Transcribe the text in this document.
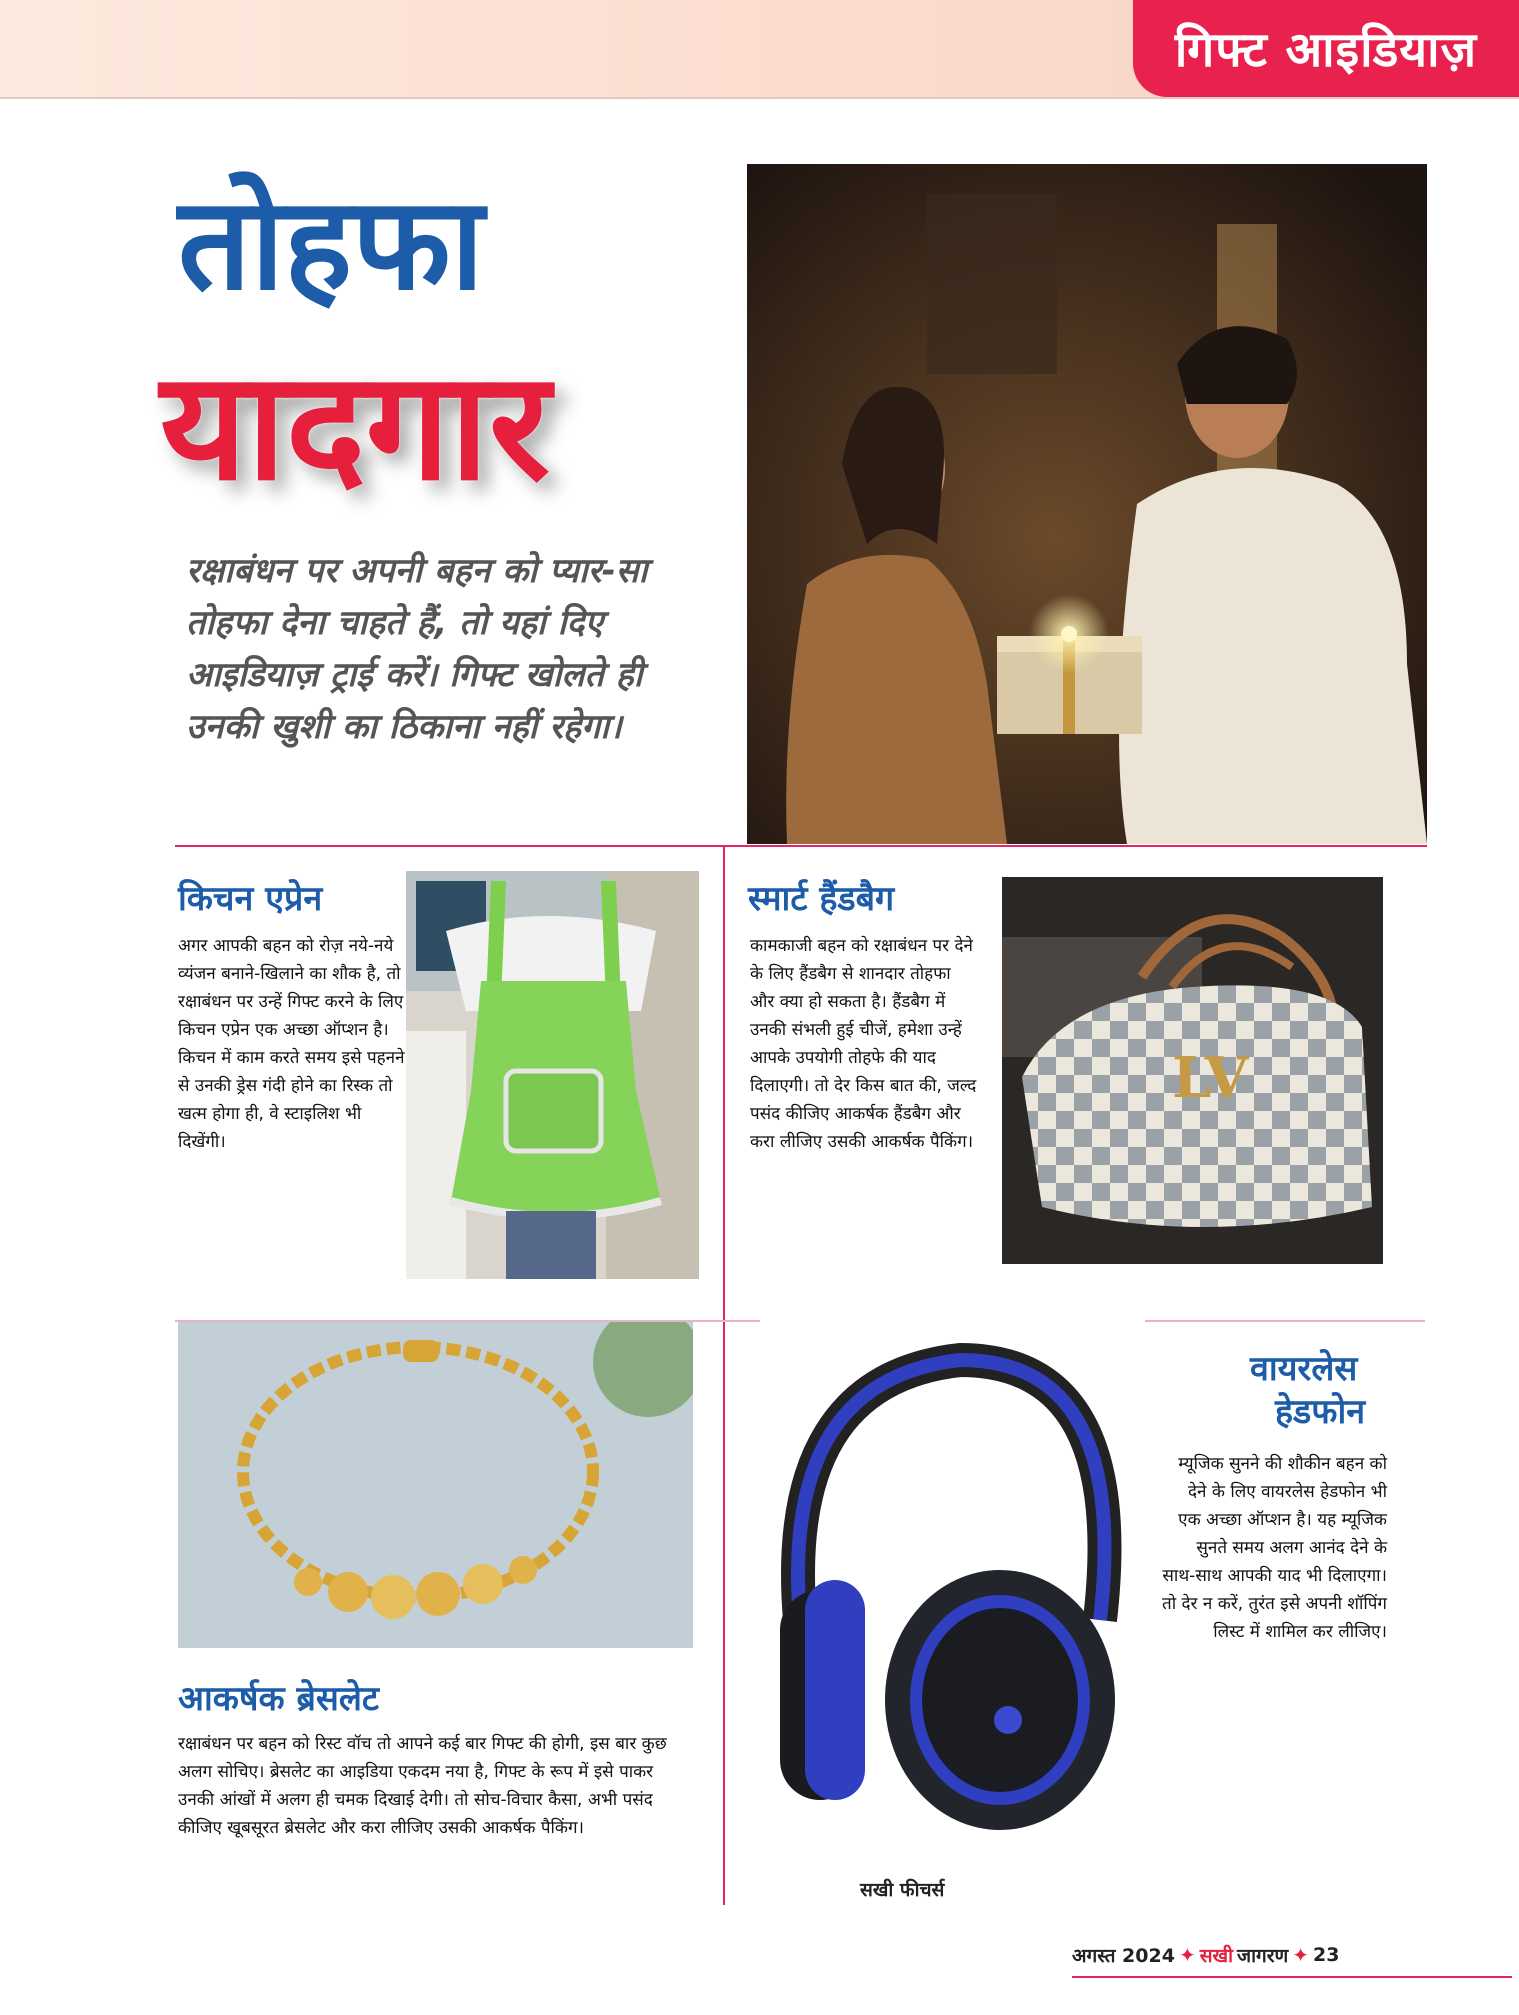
गिफ्ट आइडियाज़
तोहफा
यादगार
रक्षाबंधन पर अपनी बहन को प्यार-सा तोहफा देना चाहते हैं, तो यहां दिए आइडियाज़ ट्राई करें। गिफ्ट खोलते ही उनकी खुशी का ठिकाना नहीं रहेगा।
किचन एप्रेन
अगर आपकी बहन को रोज़ नये-नये व्यंजन बनाने-खिलाने का शौक है, तो रक्षाबंधन पर उन्हें गिफ्ट करने के लिए किचन एप्रेन एक अच्छा ऑप्शन है। किचन में काम करते समय इसे पहनने से उनकी ड्रेस गंदी होने का रिस्क तो खत्म होगा ही, वे स्टाइलिश भी दिखेंगी।
स्मार्ट हैंडबैग
कामकाजी बहन को रक्षाबंधन पर देने के लिए हैंडबैग से शानदार तोहफा और क्या हो सकता है। हैंडबैग में उनकी संभली हुई चीजें, हमेशा उन्हें आपके उपयोगी तोहफे की याद दिलाएगी। तो देर किस बात की, जल्द पसंद कीजिए आकर्षक हैंडबैग और करा लीजिए उसकी आकर्षक पैकिंग।
LV
आकर्षक ब्रेसलेट
रक्षाबंधन पर बहन को रिस्ट वॉच तो आपने कई बार गिफ्ट की होगी, इस बार कुछ अलग सोचिए। ब्रेसलेट का आइडिया एकदम नया है, गिफ्ट के रूप में इसे पाकर उनकी आंखों में अलग ही चमक दिखाई देगी। तो सोच-विचार कैसा, अभी पसंद कीजिए खूबसूरत ब्रेसलेट और करा लीजिए उसकी आकर्षक पैकिंग।
वायरलेस
हेडफोन
म्यूजिक सुनने की शौकीन बहन को देने के लिए वायरलेस हेडफोन भी एक अच्छा ऑप्शन है। यह म्यूजिक सुनते समय अलग आनंद देने के साथ-साथ आपकी याद भी दिलाएगा। तो देर न करें, तुरंत इसे अपनी शॉपिंग लिस्ट में शामिल कर लीजिए।
सखी फीचर्स
अगस्त 2024 ✦ सखी जागरण ✦ 23
